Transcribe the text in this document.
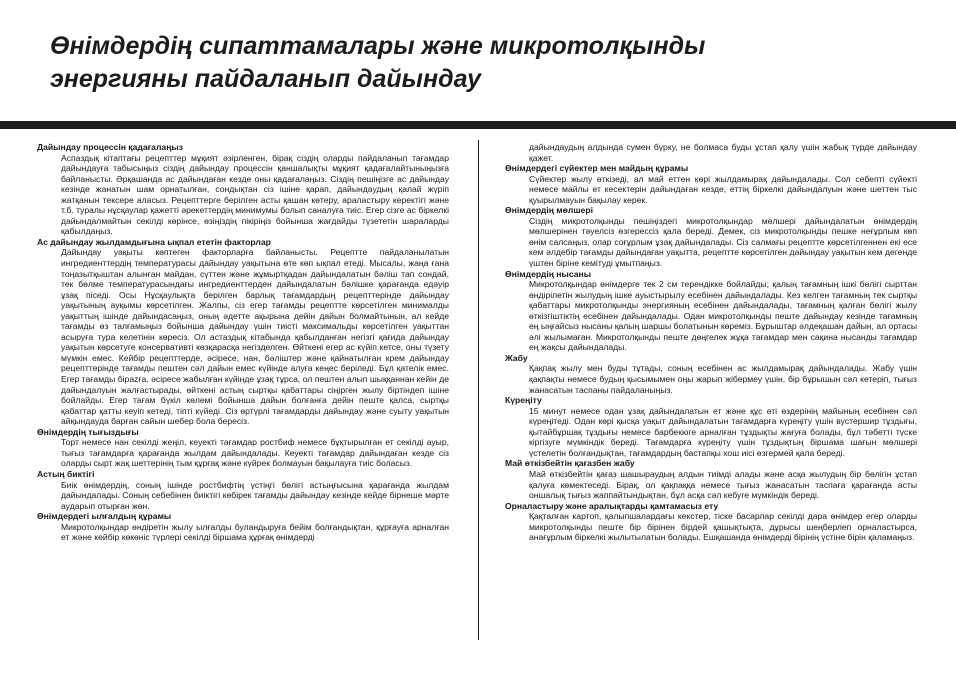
Өнімдердің сипаттамалары және микротолқынды
энергияны пайдаланып дайындау
Дайындау процессін қадағалаңыз

Аспаздық кітаптағы рецепттер мұқият әзірленген, бірақ сіздің оларды пайдаланып тағамдар дайындауға табысыңыз сіздің дайындау процессін қаншалықты мұқият қадағалайтыныңызға байланысты. Әрқашанда ас дайындаған кезде оны қадағалаңыз. Сіздің пешіңізге ас дайындау кезінде жанатын шам орнатылған, сондықтан сіз ішіне қарап, дайындаудың қалай жүріп жатқанын тексере аласыз. Рецепттерге берілген асты қашан көтеру, араластыру керектігі және т.б. туралы нұсқаулар қажетті әрекеттердің минимумы болып саналуға тиіс. Егер сізге ас біркелкі дайындалмайтын секілді көрінсе, өзіңіздің пікіріңіз бойынша жағдайды түзететін шараларды қабылдаңыз.

Ас дайындау жылдамдығына ықпал ететін факторлар

Дайындау уақыты көптеген факторларға байланысты. Рецепттe пайдаланылатын ингредиенттердің температурасы дайындау уақытына өте көп ықпал етеді. Мысалы, жаңа ғана тоңазытқыштан алынған майдан, сүттен және жұмыртқадан дайындалатын бәліш тап сондай, тек бөлме температурасындағы ингредиенттерден дайындалатын бәлішке қарағанда едәуір ұзақ піседі. Осы Нұсқаулықта берілген барлық тағамдардың рецепттерінде дайындау уақытының ауқымы көрсетілген. Жалпы, сіз егер тағамды рецептте көрсетілген минималды уақыттың ішінде дайындасаңыз, оның әдетте ақырына дейін дайын болмайтынын, ал кейде тағамды өз талғамыңыз бойынша дайындау үшін тиісті максимальды көрсетілген уақыттан асыруға тура келетінін көресіз. Ол астаздық кітабында қабылданған негізгі қағида дайындау уақытын көрсетуге консервативті көзқарасқа негізделген. Өйткені егер ас күйіп кетсе, оны түзету мүмкін емес. Кейбір рецепттерде, әсіресе, нан, бәліштер және қайнатылған крем дайындау рецепттерінде тағамды пештен сәл дайын емес күйінде алуға кеңес беріледі. Бұл қателік емес. Егер тағамды бірazға, әсіресе жабылған күйінде ұзақ тұрса, ол пештен алып шыққаннан кейін де дайындалуын жалғастырады, өйткені астың сыртқы қабаттары сіңірген жылу біртіндеп ішіне бойлайды. Егер тағам бүкіл көлемі бойынша дайын болғанға дейін пеште қалса, сыртқы қабаттар қатты кеуіп кетеді, тіпті күйеді. Сіз өртүрлі тағамдарды дайындау және суыту уақытын айқындауда барған сайын шебер бола бересіз.

Өнімдердің тығыздығы

Торт немесе нан секілді жеңіл, кеуекті тағамдар ростбиф немесе бұқтырылған ет секілді ауыр, тығыз тағамдарға қарағанда жылдам дайындалады. Кеуекті тағамдар дайындаған кезде сіз оларды сырт жақ шеттерінің тым құрғақ және күйрек болмауын бақылауға тиіс боласыз.

Астың биктігі

Биік өнімдердің, соның ішінде ростбифтің үстіңгі бөлігі астыңғысына қарағанда жылдам дайындалады. Соның себебінен биіктігі көбірек тағамды дайындау кезінде кейде бірнеше мәрте аударып отырған жөн.

Өнімдердегі ылғалдың құрамы

Микротолқындар өндіретін жылу ылғалды буландыруға бейім болғандықтан, құрғауға арналған ет және кейбір көкөніс түрлері секілді біршама құрғақ өнімдерді

дайындаудың алдында сумен бүрку, не болмаса буды ұстап қалу үшін жабық түрде дайындау қажет.

Өнімдердегі сүйектер мен майдың құрамы

Сүйектер жылу өткізеді, ал май еттен көрі жылдамырақ дайындалады. Сол себепті сүйекті немесе майлы ет кесектерін дайындаған кезде, еттің біркелкі дайындалуын және шеттен тыс қуырылмауын бақылау керек.

Өнімдердің мөлшері

Сіздің микротолқынды пешіңіздегі микротолқындар мөлшері дайындалатын өнімдердің мөлшерінен тәуелсіз өзгерессіз қала береді. Демек, сіз микротолқынды пешке неғұрлым көп өнім салсаңыз, олар соғұрлым ұзақ дайындалады. Сіз салмағы рецептте көрсетілгеннен екі есе кем әлдебір тағамды дайындаған уақытта, рецептте көрсетілген дайындау уақытын кем дегенде үштен біріне кемітуді ұмытпаңыз.

Өнімдердің нысаны

Микротолқындар өнімдерге тек 2 см терендікке бойлайды; қалың тағамның ішкі бөлігі сырттан өндірілетін жылудың ішке ауыстырылу есебінен дайындалады. Кез келген тағамның тек сыртқы қабаттары микротолқынды энергияның есебінен дайындалады, тағамның қалған бөлігі жылу өткізгіштіктің есебінен дайындалады. Одан микротолқынды пеште дайындау кезінде тағамның ең ыңғайсыз нысаны қалың шаршы болатынын көреміз. Бұрыштар әлдеқашан дайын, ал ортасы әлі жылымаған. Микротолқынды пеште дөңгелек жұқа тағамдар мен сақина нысанды тағамдар ең жақсы дайындалады.

Жабу

Қақпақ жылу мен буды тұтады, соның есебінен ас жылдамырақ дайындалады. Жабу үшін қақпақты немесе будың қысымымен оңы жарып жібермеу үшін, бір бұрышын сәл кетеріп, тығыз жанасатын таспаны пайдаланыңыз.

Күреңіту

15 минут немесе одан ұзақ дайындалатын ет және құс еті өздерінің майының есебінен сәл күреңітеді. Одан көрі қысқа уақыт дайындалатын тағамдарға күреңіту үшін вустершир тұздығы, қытайбұршақ тұздығы немесе барбекюге арналған тұздықты жағуға болады, бұл тәбетті түске кіргізуге мүмкіндік береді. Тағамдарға күреңіту үшін тұздықтың біршама шағын мөлшері үстелетін болғандықтан, тағамдардың бастапқы хош иісі өзгермей қала береді.

Май өткізбейтін қағазбен жабу

Май өткізбейтін қағаз шашыраудың алдын тиімді алады және асқа жылудың бір бөлігін ұстап қалуға көмектеседі. Бірақ, ол қақпаққа немесе тығыз жанасатын таспаға қарағанда асты оншалық тығыз жаппайтындықтан, бұл асқа сәл кебуге мүмкіндік береді.

Орналастыру және аралықтарды қамтамасыз ету

Қақталған картоп, қалыпшалардағы кекстер, тіске басарлар секілді дара өнімдер егер оларды микротолқынды пеште бір бірінен бірдей қашықтықта, дұрысы шеңберлеп орналастырса, анағұрлым біркелкі жылытылатын болады. Ешқашанда өнімдерді бірінің үстіне бірін қаламаңыз.
